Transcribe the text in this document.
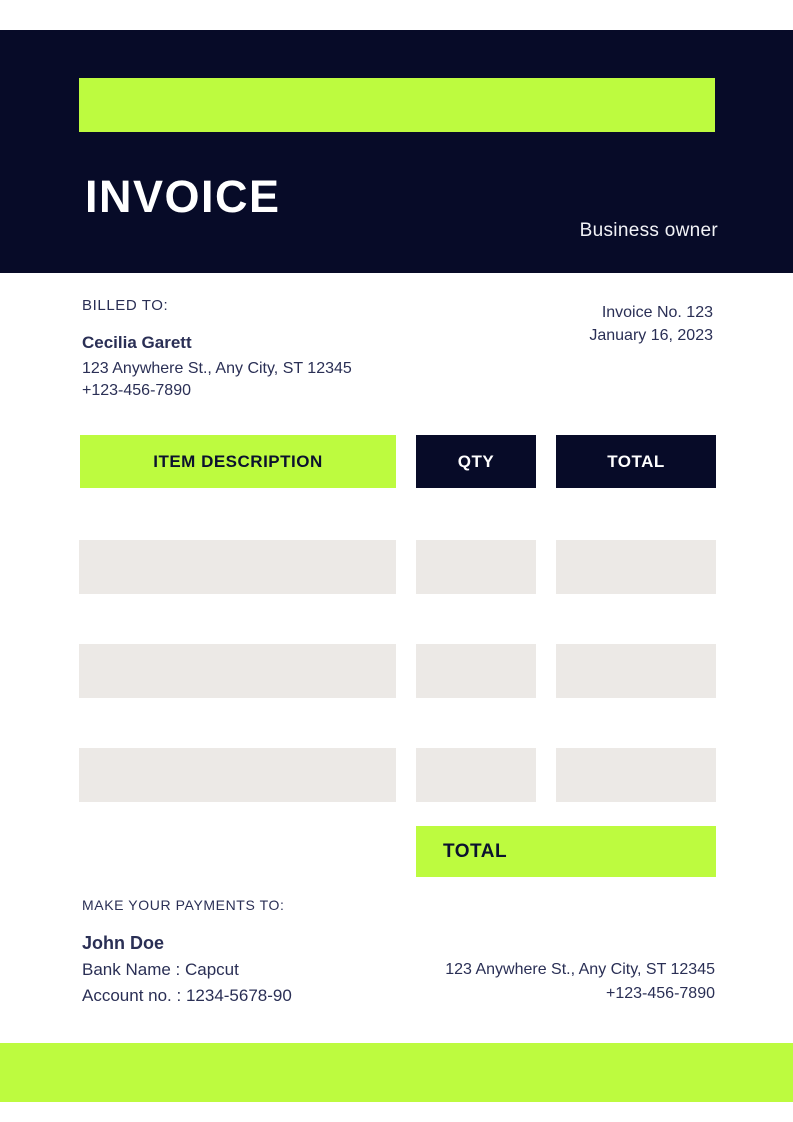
INVOICE
Business owner
BILLED TO:
Cecilia Garett
123 Anywhere St., Any City, ST 12345
+123-456-7890
Invoice No. 123
January 16, 2023
ITEM DESCRIPTION	QTY	TOTAL
TOTAL
MAKE YOUR PAYMENTS TO:
John Doe
Bank Name : Capcut
Account no. : 1234-5678-90
123 Anywhere St., Any City, ST 12345
+123-456-7890
